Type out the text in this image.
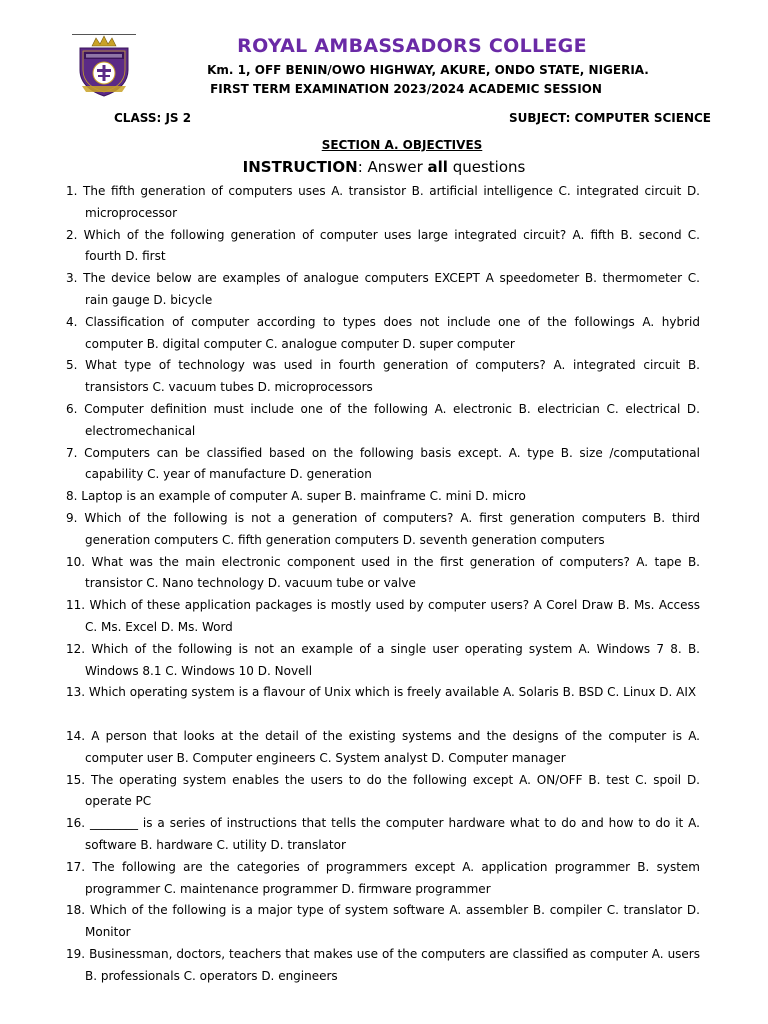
ROYAL AMBASSADORS COLLEGE
Km. 1, OFF BENIN/OWO HIGHWAY, AKURE, ONDO STATE, NIGERIA.
FIRST TERM EXAMINATION 2023/2024 ACADEMIC SESSION
CLASS: JS 2	SUBJECT: COMPUTER SCIENCE
SECTION A. OBJECTIVES
INSTRUCTION: Answer all questions
1. The fifth generation of computers uses A. transistor B. artificial intelligence C. integrated circuit D. microprocessor
2. Which of the following generation of computer uses large integrated circuit? A. fifth B. second C. fourth D. first
3. The device below are examples of analogue computers EXCEPT A speedometer B. thermometer C. rain gauge D. bicycle
4. Classification of computer according to types does not include one of the followings A. hybrid computer B. digital computer C. analogue computer D. super computer
5. What type of technology was used in fourth generation of computers? A. integrated circuit B. transistors C. vacuum tubes D. microprocessors
6. Computer definition must include one of the following A. electronic B. electrician C. electrical D. electromechanical
7. Computers can be classified based on the following basis except. A. type B. size /computational capability C. year of manufacture D. generation
8. Laptop is an example of computer A. super B. mainframe C. mini D. micro
9. Which of the following is not a generation of computers? A. first generation computers B. third generation computers C. fifth generation computers D. seventh generation computers
10. What was the main electronic component used in the first generation of computers? A. tape B. transistor C. Nano technology D. vacuum tube or valve
11. Which of these application packages is mostly used by computer users? A Corel Draw B. Ms. Access C. Ms. Excel D. Ms. Word
12. Which of the following is not an example of a single user operating system A. Windows 7 8. B. Windows 8.1 C. Windows 10 D. Novell
13. Which operating system is a flavour of Unix which is freely available A. Solaris B. BSD C. Linux D. AIX
14. A person that looks at the detail of the existing systems and the designs of the computer is A. computer user B. Computer engineers C. System analyst D. Computer manager
15. The operating system enables the users to do the following except A. ON/OFF B. test C. spoil D. operate PC
16. ________ is a series of instructions that tells the computer hardware what to do and how to do it A. software B. hardware C. utility D. translator
17. The following are the categories of programmers except A. application programmer B. system programmer C. maintenance programmer D. firmware programmer
18. Which of the following is a major type of system software A. assembler B. compiler C. translator D. Monitor
19. Businessman, doctors, teachers that makes use of the computers are classified as computer A. users B. professionals C. operators D. engineers
